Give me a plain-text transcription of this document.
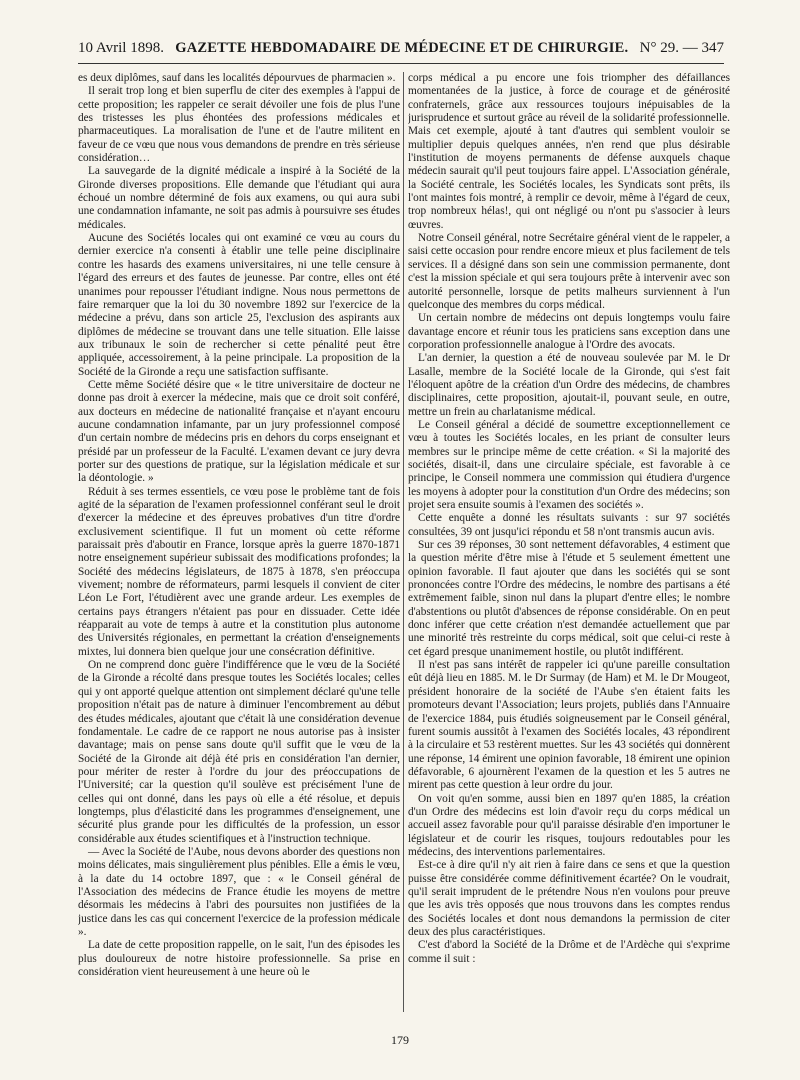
10 Avril 1898. GAZETTE HEBDOMADAIRE DE MÉDECINE ET DE CHIRURGIE. N° 29. — 347

es deux diplômes, sauf dans les localités dépourvues de pharmacien ».

Il serait trop long et bien superflu de citer des exemples à l'appui de cette proposition; les rappeler ce serait dévoiler une fois de plus l'une des tristesses les plus éhontées des professions médicales et pharmaceutiques. La moralisation de l'une et de l'autre militent en faveur de ce vœu que nous vous demandons de prendre en très sérieuse considération…

La sauvegarde de la dignité médicale a inspiré à la Société de la Gironde diverses propositions. Elle demande que l'étudiant qui aura échoué un nombre déterminé de fois aux examens, ou qui aura subi une condamnation infamante, ne soit pas admis à poursuivre ses études médicales.

Aucune des Sociétés locales qui ont examiné ce vœu au cours du dernier exercice n'a consenti à établir une telle peine disciplinaire contre les hasards des examens universitaires, ni une telle censure à l'égard des erreurs et des fautes de jeunesse. Par contre, elles ont été unanimes pour repousser l'étudiant indigne. Nous nous permettons de faire remarquer que la loi du 30 novembre 1892 sur l'exercice de la médecine a prévu, dans son article 25, l'exclusion des aspirants aux diplômes de médecine se trouvant dans une telle situation. Elle laisse aux tribunaux le soin de rechercher si cette pénalité peut être appliquée, accessoirement, à la peine principale. La proposition de la Société de la Gironde a reçu une satisfaction suffisante.

Cette même Société désire que « le titre universitaire de docteur ne donne pas droit à exercer la médecine, mais que ce droit soit conféré, aux docteurs en médecine de nationalité française et n'ayant encouru aucune condamnation infamante, par un jury professionnel composé d'un certain nombre de médecins pris en dehors du corps enseignant et présidé par un professeur de la Faculté. L'examen devant ce jury devra porter sur des questions de pratique, sur la législation médicale et sur la déontologie. »

Réduit à ses termes essentiels, ce vœu pose le problème tant de fois agité de la séparation de l'examen professionnel conférant seul le droit d'exercer la médecine et des épreuves probatives d'un titre d'ordre exclusivement scientifique. Il fut un moment où cette réforme paraissait près d'aboutir en France, lorsque après la guerre 1870-1871 notre enseignement supérieur subissait des modifications profondes; la Société des médecins législateurs, de 1875 à 1878, s'en préoccupa vivement; nombre de réformateurs, parmi lesquels il convient de citer Léon Le Fort, l'étudièrent avec une grande ardeur. Les exemples de certains pays étrangers n'étaient pas pour en dissuader. Cette idée réapparait au vote de temps à autre et la constitution plus autonome des Universités régionales, en permettant la création d'enseignements mixtes, lui donnera bien quelque jour une consécration définitive.

On ne comprend donc guère l'indifférence que le vœu de la Société de la Gironde a récolté dans presque toutes les Sociétés locales; celles qui y ont apporté quelque attention ont simplement déclaré qu'une telle proposition n'était pas de nature à diminuer l'encombrement au début des études médicales, ajoutant que c'était là une considération devenue fondamentale. Le cadre de ce rapport ne nous autorise pas à insister davantage; mais on pense sans doute qu'il suffit que le vœu de la Société de la Gironde ait déjà été pris en considération l'an dernier, pour mériter de rester à l'ordre du jour des préoccupations de l'Université; car la question qu'il soulève est précisément l'une de celles qui ont donné, dans les pays où elle a été résolue, et depuis longtemps, plus d'élasticité dans les programmes d'enseignement, une sécurité plus grande pour les difficultés de la profession, un essor considérable aux études scientifiques et à l'instruction technique.

— Avec la Société de l'Aube, nous devons aborder des questions non moins délicates, mais singulièrement plus pénibles. Elle a émis le vœu, à la date du 14 octobre 1897, que : « le Conseil général de l'Association des médecins de France étudie les moyens de mettre désormais les médecins à l'abri des poursuites non justifiées de la justice dans les cas qui concernent l'exercice de la profession médicale ».

La date de cette proposition rappelle, on le sait, l'un des épisodes les plus douloureux de notre histoire professionnelle. Sa prise en considération vient heureusement à une heure où le

corps médical a pu encore une fois triompher des défaillances momentanées de la justice, à force de courage et de générosité confraternels, grâce aux ressources toujours inépuisables de la jurisprudence et surtout grâce au réveil de la solidarité professionnelle. Mais cet exemple, ajouté à tant d'autres qui semblent vouloir se multiplier depuis quelques années, n'en rend que plus désirable l'institution de moyens permanents de défense auxquels chaque médecin saurait qu'il peut toujours faire appel. L'Association générale, la Société centrale, les Sociétés locales, les Syndicats sont prêts, ils l'ont maintes fois montré, à remplir ce devoir, même à l'égard de ceux, trop nombreux hélas!, qui ont négligé ou n'ont pu s'associer à leurs œuvres.

Notre Conseil général, notre Secrétaire général vient de le rappeler, a saisi cette occasion pour rendre encore mieux et plus facilement de tels services. Il a désigné dans son sein une commission permanente, dont c'est la mission spéciale et qui sera toujours prête à intervenir avec son autorité personnelle, lorsque de petits malheurs surviennent à l'un quelconque des membres du corps médical.

Un certain nombre de médecins ont depuis longtemps voulu faire davantage encore et réunir tous les praticiens sans exception dans une corporation professionnelle analogue à l'Ordre des avocats.

L'an dernier, la question a été de nouveau soulevée par M. le Dr Lasalle, membre de la Société locale de la Gironde, qui s'est fait l'éloquent apôtre de la création d'un Ordre des médecins, de chambres disciplinaires, cette proposition, ajoutait-il, pouvant seule, en outre, mettre un frein au charlatanisme médical.

Le Conseil général a décidé de soumettre exceptionnellement ce vœu à toutes les Sociétés locales, en les priant de consulter leurs membres sur le principe même de cette création. « Si la majorité des sociétés, disait-il, dans une circulaire spéciale, est favorable à ce principe, le Conseil nommera une commission qui étudiera d'urgence les moyens à adopter pour la constitution d'un Ordre des médecins; son projet sera ensuite soumis à l'examen des sociétés ».

Cette enquête a donné les résultats suivants : sur 97 sociétés consultées, 39 ont jusqu'ici répondu et 58 n'ont transmis aucun avis.

Sur ces 39 réponses, 30 sont nettement défavorables, 4 estiment que la question mérite d'être mise à l'étude et 5 seulement émettent une opinion favorable. Il faut ajouter que dans les sociétés qui se sont prononcées contre l'Ordre des médecins, le nombre des partisans a été extrêmement faible, sinon nul dans la plupart d'entre elles; le nombre d'abstentions ou plutôt d'absences de réponse considérable. On en peut donc inférer que cette création n'est demandée actuellement que par une minorité très restreinte du corps médical, soit que celui-ci reste à cet égard presque unanimement hostile, ou plutôt indifférent.

Il n'est pas sans intérêt de rappeler ici qu'une pareille consultation eût déjà lieu en 1885. M. le Dr Surmay (de Ham) et M. le Dr Mougeot, président honoraire de la société de l'Aube s'en étaient faits les promoteurs devant l'Association; leurs projets, publiés dans l'Annuaire de l'exercice 1884, puis étudiés soigneusement par le Conseil général, furent soumis aussitôt à l'examen des Sociétés locales, 43 répondirent à la circulaire et 53 restèrent muettes. Sur les 43 sociétés qui donnèrent une réponse, 14 émirent une opinion favorable, 18 émirent une opinion défavorable, 6 ajournèrent l'examen de la question et les 5 autres ne mirent pas cette question à leur ordre du jour.

On voit qu'en somme, aussi bien en 1897 qu'en 1885, la création d'un Ordre des médecins est loin d'avoir reçu du corps médical un accueil assez favorable pour qu'il paraisse désirable d'en importuner le législateur et de courir les risques, toujours redoutables pour les médecins, des interventions parlementaires.

Est-ce à dire qu'il n'y ait rien à faire dans ce sens et que la question puisse être considérée comme définitivement écartée? On le voudrait, qu'il serait imprudent de le prétendre Nous n'en voulons pour preuve que les avis très opposés que nous trouvons dans les comptes rendus des Sociétés locales et dont nous demandons la permission de citer deux des plus caractéristiques.

C'est d'abord la Société de la Drôme et de l'Ardèche qui s'exprime comme il suit :

179
